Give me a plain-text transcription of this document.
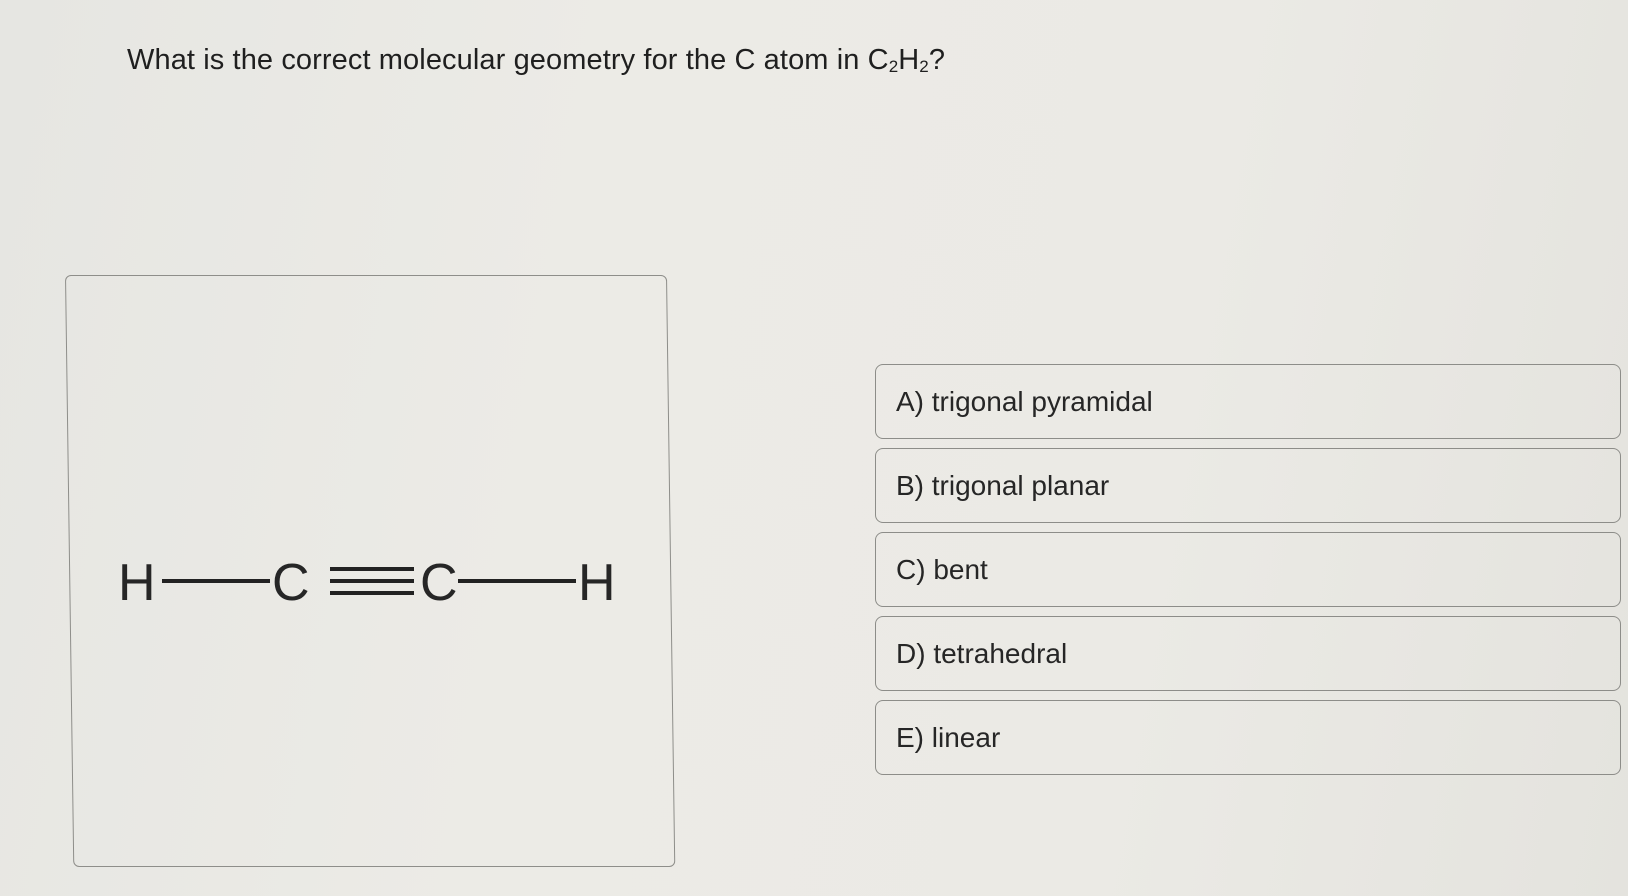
What is the correct molecular geometry for the C atom in $C_2H_2$?
H C C H
A) trigonal pyramidal
B) trigonal planar
C) bent
D) tetrahedral
E) linear
